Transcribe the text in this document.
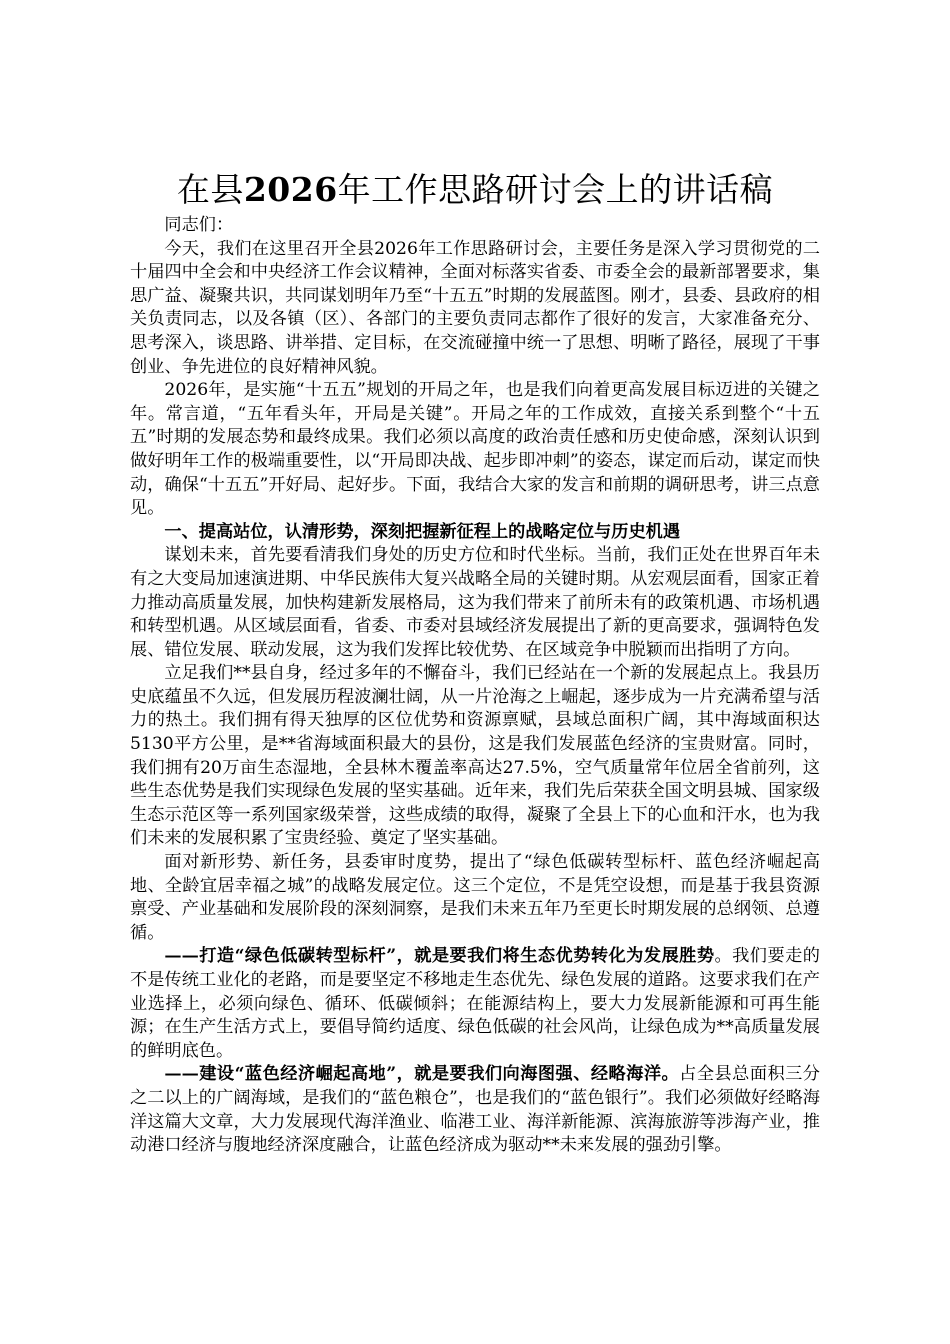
在县2026年工作思路研讨会上的讲话稿

同志们：

今天，我们在这里召开全县2026年工作思路研讨会，主要任务是深入学习贯彻党的二十届四中全会和中央经济工作会议精神，全面对标落实省委、市委全会的最新部署要求，集思广益、凝聚共识，共同谋划明年乃至“十五五”时期的发展蓝图。刚才，县委、县政府的相关负责同志，以及各镇（区）、各部门的主要负责同志都作了很好的发言，大家准备充分、思考深入，谈思路、讲举措、定目标，在交流碰撞中统一了思想、明晰了路径，展现了干事创业、争先进位的良好精神风貌。

2026年，是实施“十五五”规划的开局之年，也是我们向着更高发展目标迈进的关键之年。常言道，“五年看头年，开局是关键”。开局之年的工作成效，直接关系到整个“十五五”时期的发展态势和最终成果。我们必须以高度的政治责任感和历史使命感，深刻认识到做好明年工作的极端重要性，以“开局即决战、起步即冲刺”的姿态，谋定而后动，谋定而快动，确保“十五五”开好局、起好步。下面，我结合大家的发言和前期的调研思考，讲三点意见。

一、提高站位，认清形势，深刻把握新征程上的战略定位与历史机遇

谋划未来，首先要看清我们身处的历史方位和时代坐标。当前，我们正处在世界百年未有之大变局加速演进期、中华民族伟大复兴战略全局的关键时期。从宏观层面看，国家正着力推动高质量发展，加快构建新发展格局，这为我们带来了前所未有的政策机遇、市场机遇和转型机遇。从区域层面看，省委、市委对县域经济发展提出了新的更高要求，强调特色发展、错位发展、联动发展，这为我们发挥比较优势、在区域竞争中脱颖而出指明了方向。

立足我们**县自身，经过多年的不懈奋斗，我们已经站在一个新的发展起点上。我县历史底蕴虽不久远，但发展历程波澜壮阔，从一片沧海之上崛起，逐步成为一片充满希望与活力的热土。我们拥有得天独厚的区位优势和资源禀赋，县域总面积广阔，其中海域面积达5130平方公里，是**省海域面积最大的县份，这是我们发展蓝色经济的宝贵财富。同时，我们拥有20万亩生态湿地，全县林木覆盖率高达27.5%，空气质量常年位居全省前列，这些生态优势是我们实现绿色发展的坚实基础。近年来，我们先后荣获全国文明县城、国家级生态示范区等一系列国家级荣誉，这些成绩的取得，凝聚了全县上下的心血和汗水，也为我们未来的发展积累了宝贵经验、奠定了坚实基础。

面对新形势、新任务，县委审时度势，提出了“绿色低碳转型标杆、蓝色经济崛起高地、全龄宜居幸福之城”的战略发展定位。这三个定位，不是凭空设想，而是基于我县资源禀受、产业基础和发展阶段的深刻洞察，是我们未来五年乃至更长时期发展的总纲领、总遵循。

——打造“绿色低碳转型标杆”，就是要我们将生态优势转化为发展胜势。我们要走的不是传统工业化的老路，而是要坚定不移地走生态优先、绿色发展的道路。这要求我们在产业选择上，必须向绿色、循环、低碳倾斜；在能源结构上，要大力发展新能源和可再生能源；在生产生活方式上，要倡导简约适度、绿色低碳的社会风尚，让绿色成为**高质量发展的鲜明底色。

——建设“蓝色经济崛起高地”，就是要我们向海图强、经略海洋。占全县总面积三分之二以上的广阔海域，是我们的“蓝色粮仓”，也是我们的“蓝色银行”。我们必须做好经略海洋这篇大文章，大力发展现代海洋渔业、临港工业、海洋新能源、滨海旅游等涉海产业，推动港口经济与腹地经济深度融合，让蓝色经济成为驱动**未来发展的强劲引擎。
